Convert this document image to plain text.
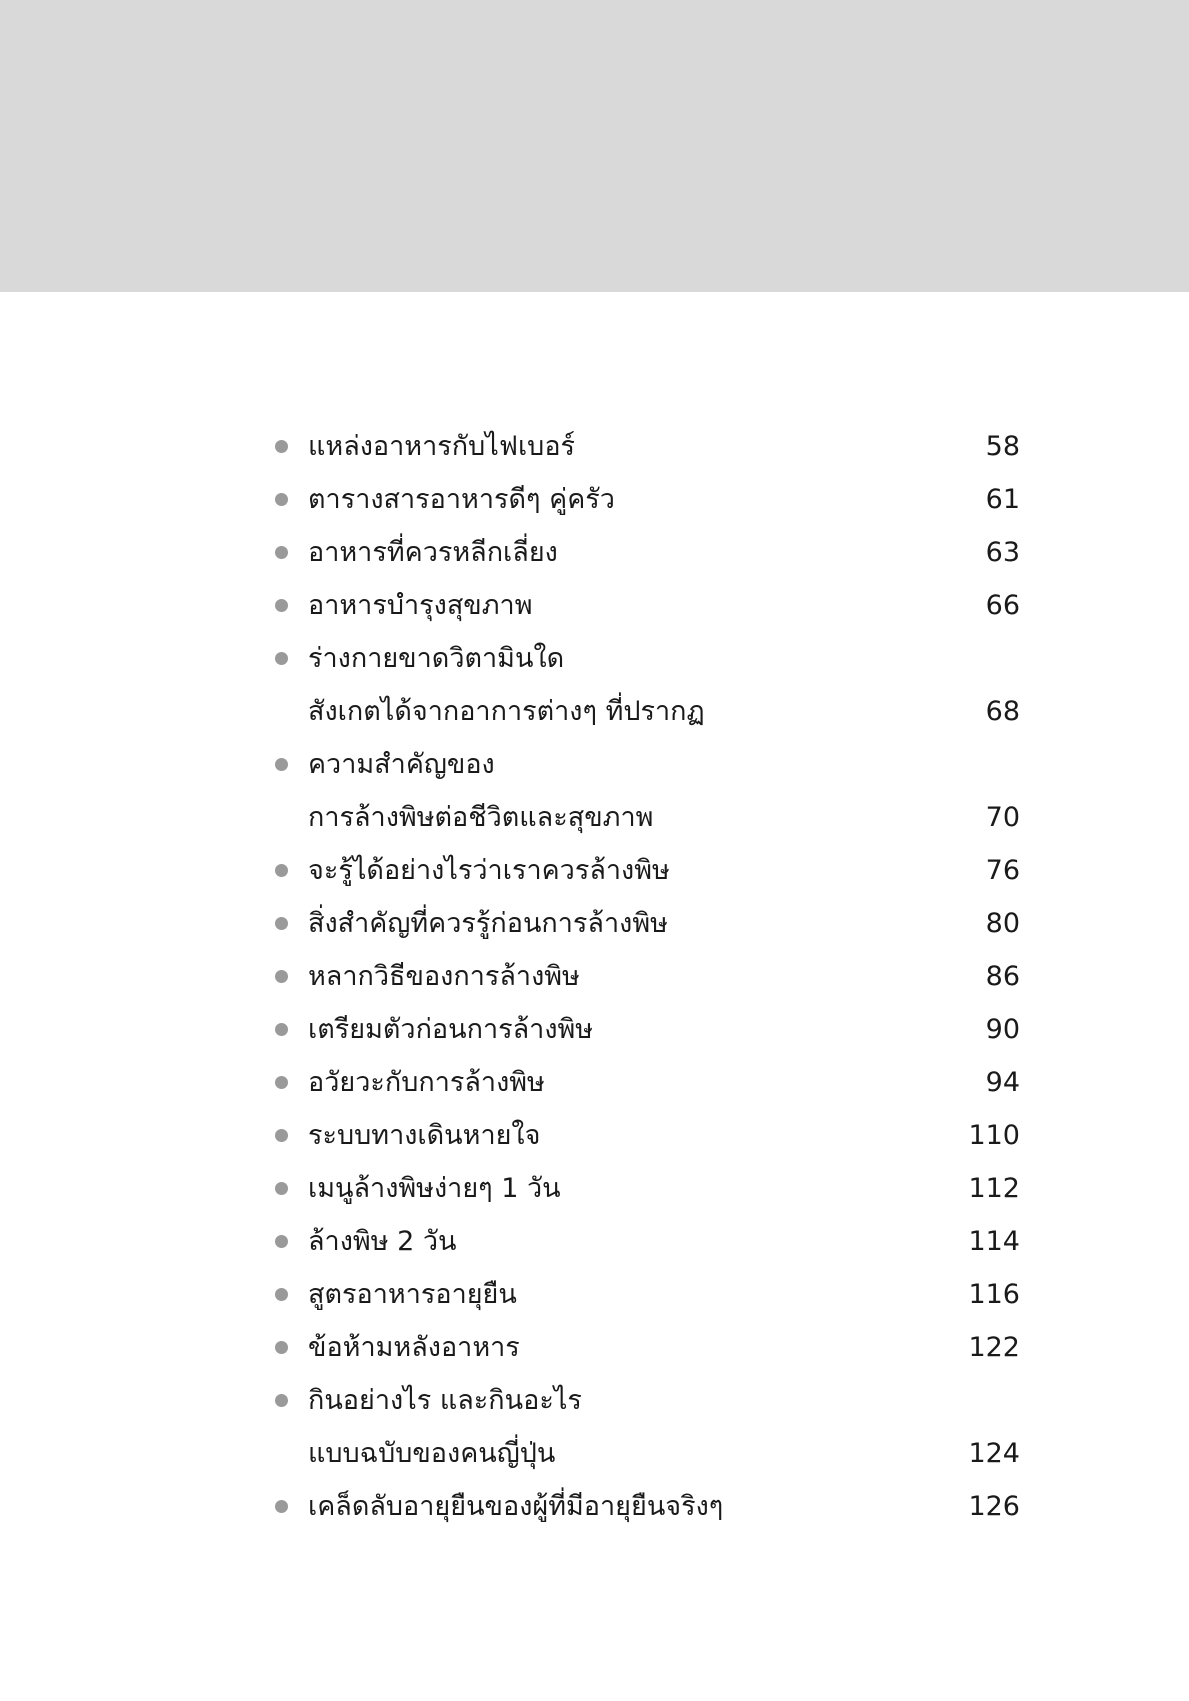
แหล่งอาหารกับไฟเบอร์	58
ตารางสารอาหารดีๆ คู่ครัว	61
อาหารที่ควรหลีกเลี่ยง	63
อาหารบำรุงสุขภาพ	66
ร่างกายขาดวิตามินใด
สังเกตได้จากอาการต่างๆ ที่ปรากฏ	68
ความสำคัญของ
การล้างพิษต่อชีวิตและสุขภาพ	70
จะรู้ได้อย่างไรว่าเราควรล้างพิษ	76
สิ่งสำคัญที่ควรรู้ก่อนการล้างพิษ	80
หลากวิธีของการล้างพิษ	86
เตรียมตัวก่อนการล้างพิษ	90
อวัยวะกับการล้างพิษ	94
ระบบทางเดินหายใจ	110
เมนูล้างพิษง่ายๆ 1 วัน	112
ล้างพิษ 2 วัน	114
สูตรอาหารอายุยืน	116
ข้อห้ามหลังอาหาร	122
กินอย่างไร และกินอะไร
แบบฉบับของคนญี่ปุ่น	124
เคล็ดลับอายุยืนของผู้ที่มีอายุยืนจริงๆ	126
